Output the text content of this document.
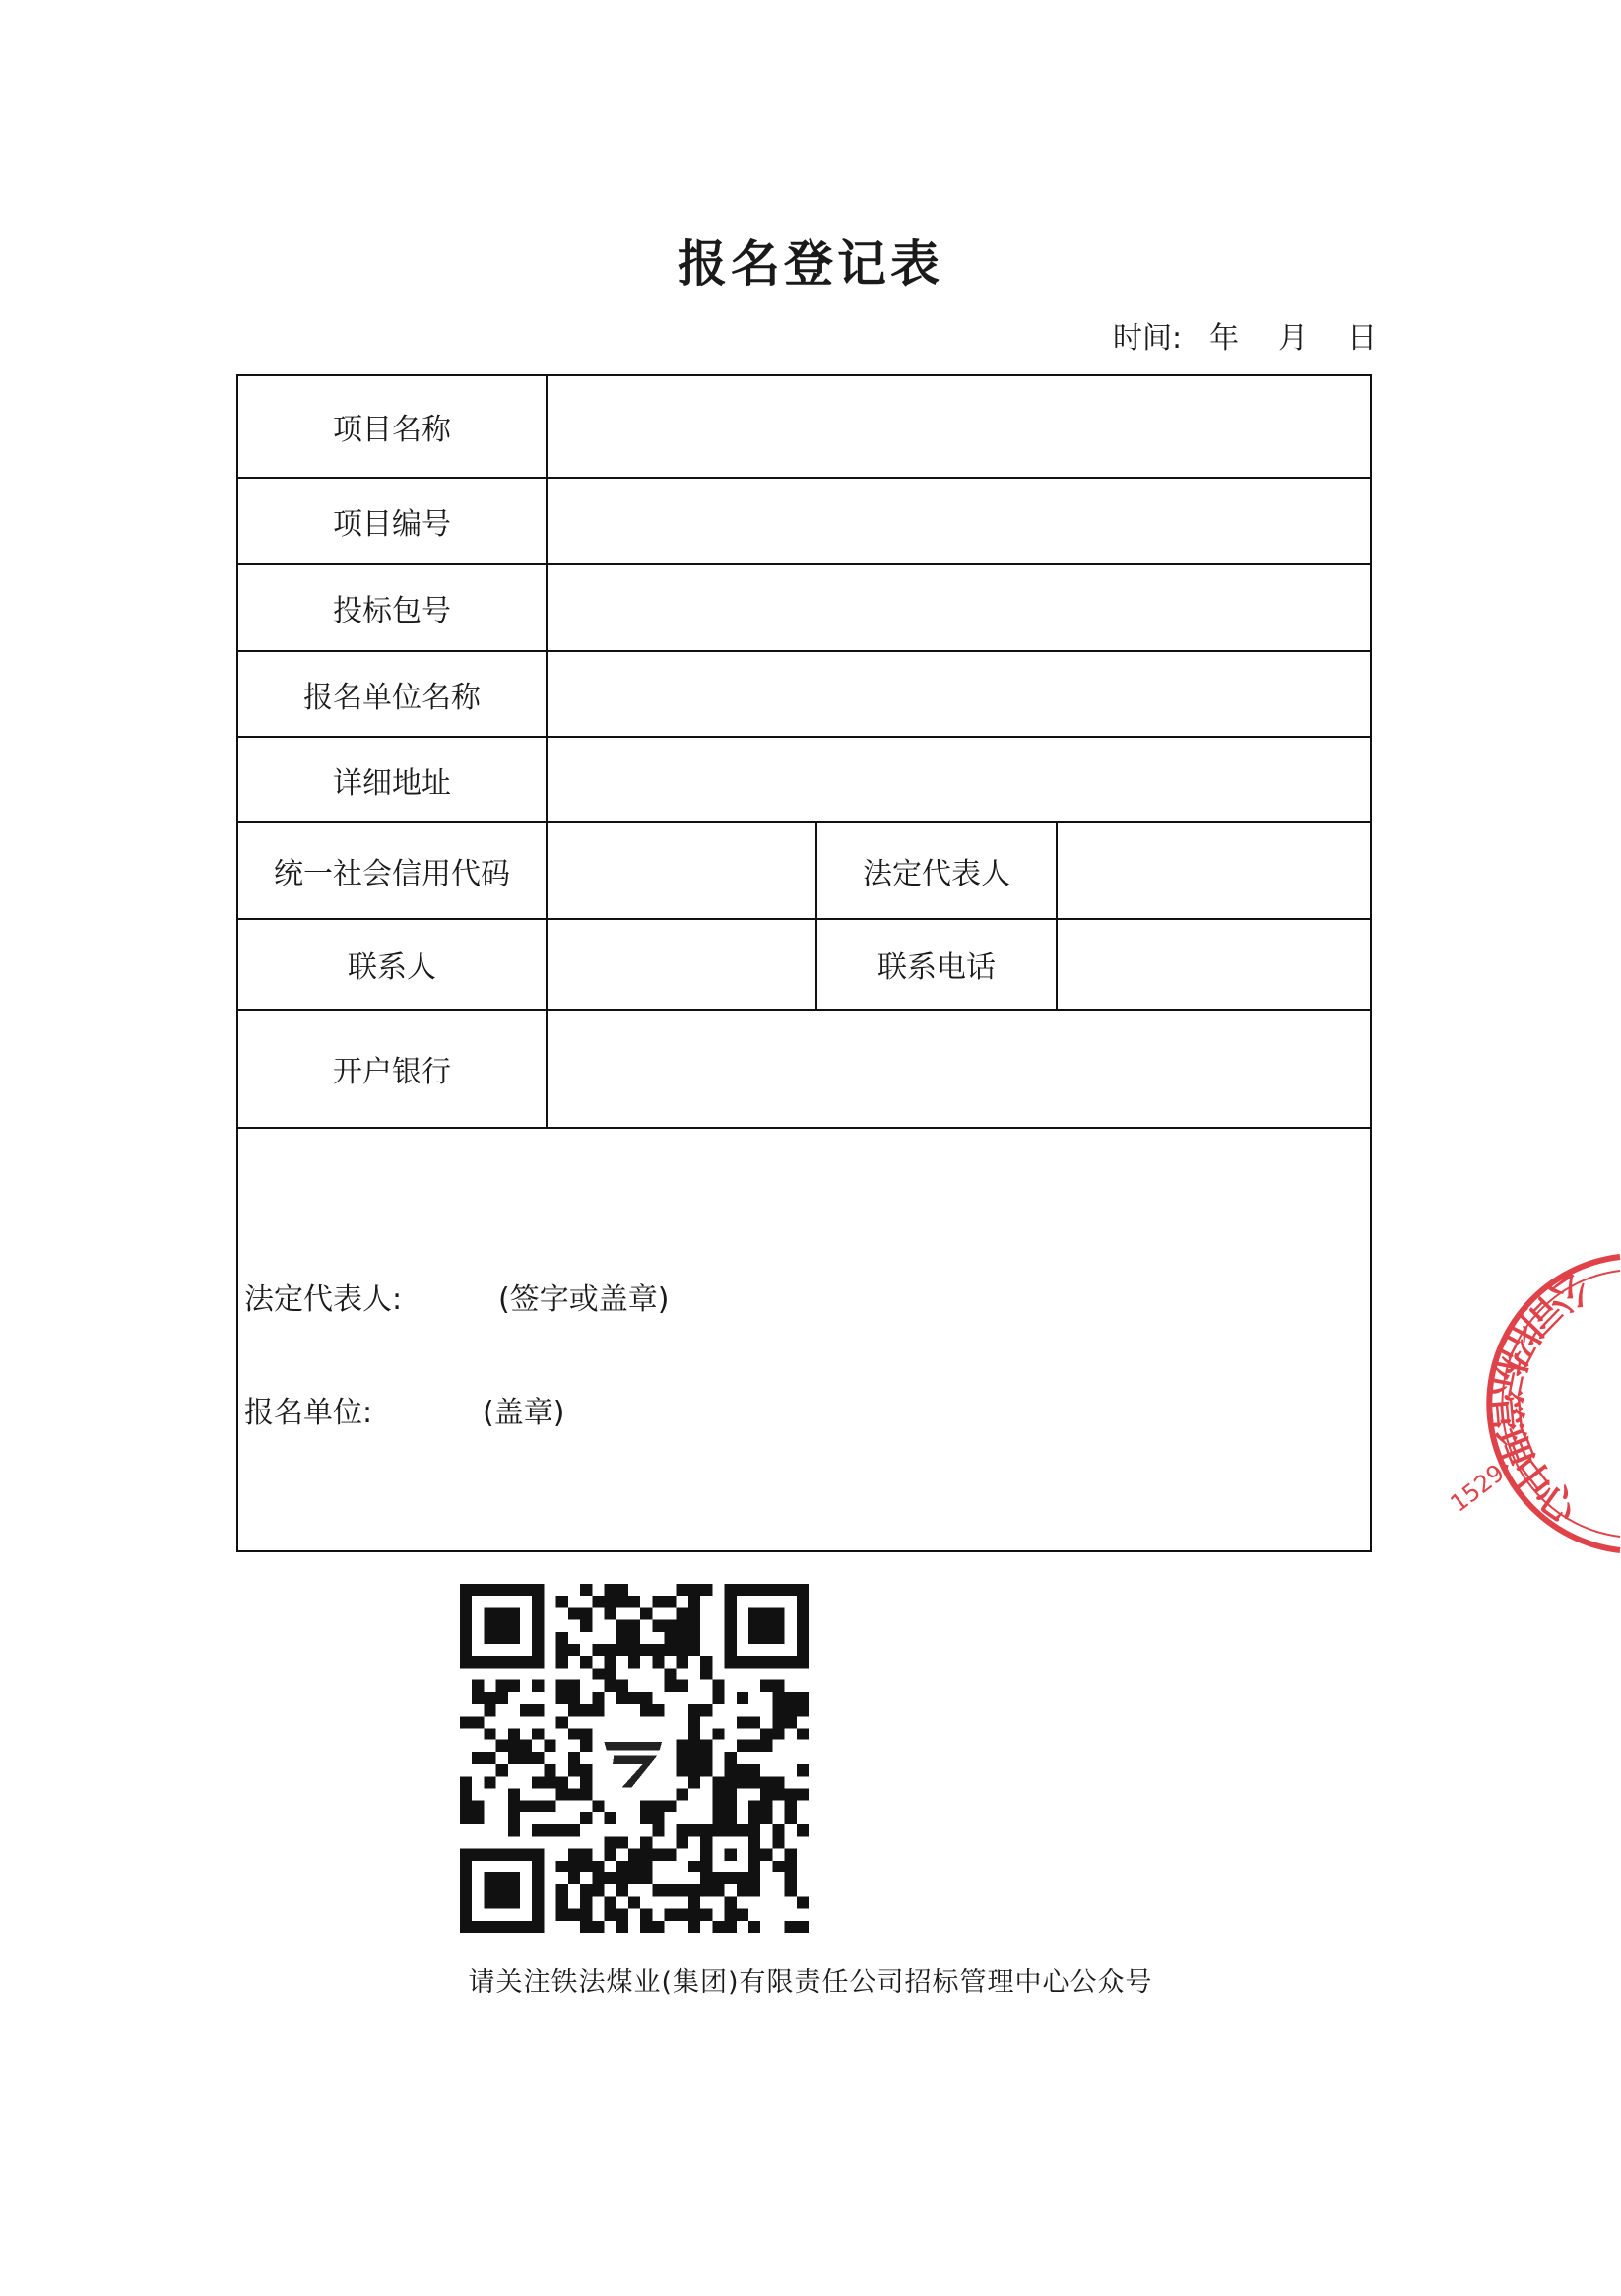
报名登记表
时间: 年 月 日
项目名称			
项目编号			
投标包号			
报名单位名称			
详细地址			
统一社会信用代码		法定代表人	
联系人		联系电话	
开户银行			

法定代表人: (签字或盖章)
报名单位: (盖章)			
公司招标管理中心
1529
请关注铁法煤业(集团)有限责任公司招标管理中心公众号
